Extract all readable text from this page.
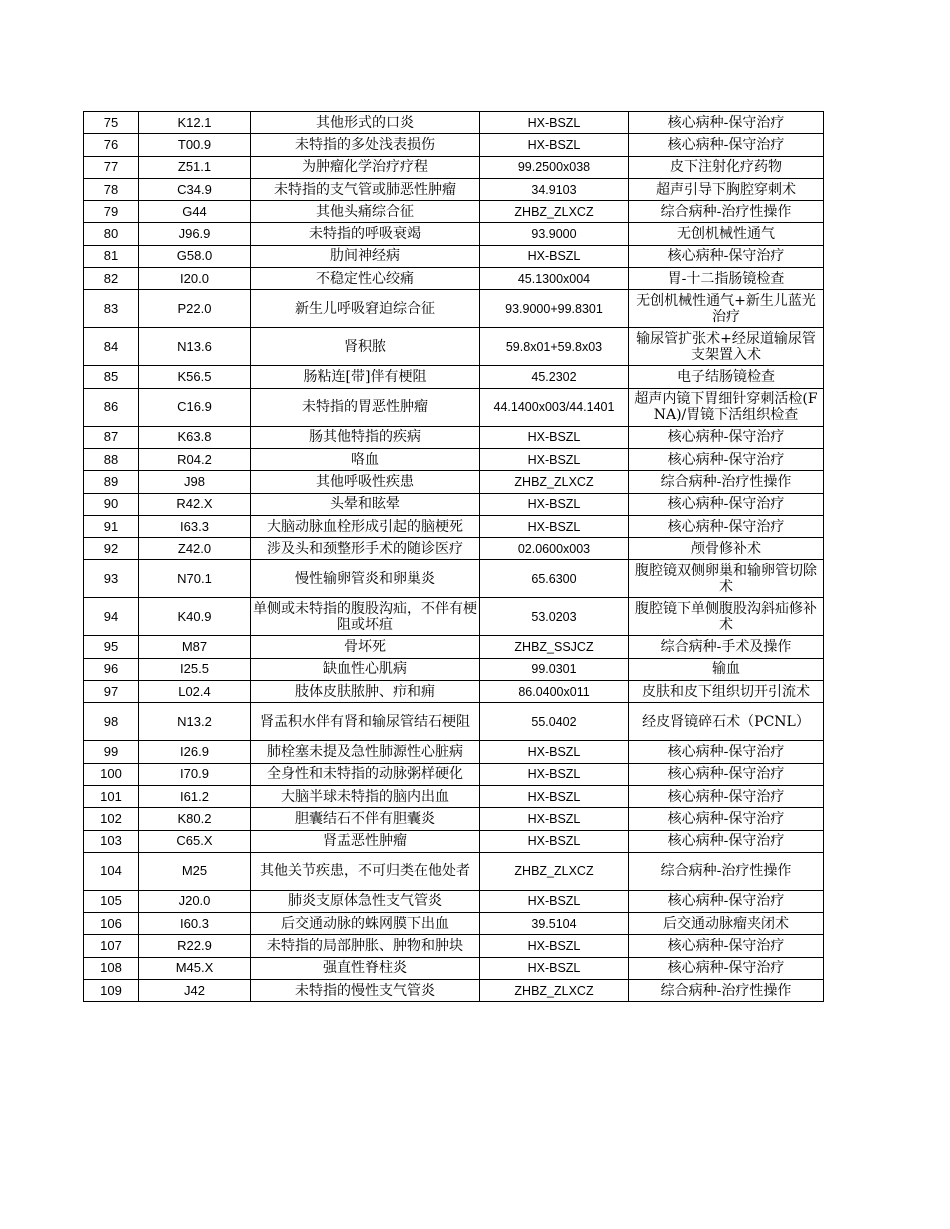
75	K12.1	其他形式的口炎	HX-BSZL	核心病种-保守治疗
76	T00.9	未特指的多处浅表损伤	HX-BSZL	核心病种-保守治疗
77	Z51.1	为肿瘤化学治疗疗程	99.2500x038	皮下注射化疗药物
78	C34.9	未特指的支气管或肺恶性肿瘤	34.9103	超声引导下胸腔穿刺术
79	G44	其他头痛综合征	ZHBZ_ZLXCZ	综合病种-治疗性操作
80	J96.9	未特指的呼吸衰竭	93.9000	无创机械性通气
81	G58.0	肋间神经病	HX-BSZL	核心病种-保守治疗
82	I20.0	不稳定性心绞痛	45.1300x004	胃-十二指肠镜检查
83	P22.0	新生儿呼吸窘迫综合征	93.9000+99.8301	无创机械性通气+新生儿蓝光治疗
84	N13.6	肾积脓	59.8x01+59.8x03	输尿管扩张术+经尿道输尿管支架置入术
85	K56.5	肠粘连[带]伴有梗阻	45.2302	电子结肠镜检查
86	C16.9	未特指的胃恶性肿瘤	44.1400x003/44.1401	超声内镜下胃细针穿刺活检(FNA)/胃镜下活组织检查
87	K63.8	肠其他特指的疾病	HX-BSZL	核心病种-保守治疗
88	R04.2	咯血	HX-BSZL	核心病种-保守治疗
89	J98	其他呼吸性疾患	ZHBZ_ZLXCZ	综合病种-治疗性操作
90	R42.X	头晕和眩晕	HX-BSZL	核心病种-保守治疗
91	I63.3	大脑动脉血栓形成引起的脑梗死	HX-BSZL	核心病种-保守治疗
92	Z42.0	涉及头和颈整形手术的随诊医疗	02.0600x003	颅骨修补术
93	N70.1	慢性输卵管炎和卵巢炎	65.6300	腹腔镜双侧卵巢和输卵管切除术
94	K40.9	单侧或未特指的腹股沟疝，不伴有梗阻或坏疽	53.0203	腹腔镜下单侧腹股沟斜疝修补术
95	M87	骨坏死	ZHBZ_SSJCZ	综合病种-手术及操作
96	I25.5	缺血性心肌病	99.0301	输血
97	L02.4	肢体皮肤脓肿、疖和痈	86.0400x011	皮肤和皮下组织切开引流术
98	N13.2	肾盂积水伴有肾和输尿管结石梗阻	55.0402	经皮肾镜碎石术（PCNL）
99	I26.9	肺栓塞未提及急性肺源性心脏病	HX-BSZL	核心病种-保守治疗
100	I70.9	全身性和未特指的动脉粥样硬化	HX-BSZL	核心病种-保守治疗
101	I61.2	大脑半球未特指的脑内出血	HX-BSZL	核心病种-保守治疗
102	K80.2	胆囊结石不伴有胆囊炎	HX-BSZL	核心病种-保守治疗
103	C65.X	肾盂恶性肿瘤	HX-BSZL	核心病种-保守治疗
104	M25	其他关节疾患，不可归类在他处者	ZHBZ_ZLXCZ	综合病种-治疗性操作
105	J20.0	肺炎支原体急性支气管炎	HX-BSZL	核心病种-保守治疗
106	I60.3	后交通动脉的蛛网膜下出血	39.5104	后交通动脉瘤夹闭术
107	R22.9	未特指的局部肿胀、肿物和肿块	HX-BSZL	核心病种-保守治疗
108	M45.X	强直性脊柱炎	HX-BSZL	核心病种-保守治疗
109	J42	未特指的慢性支气管炎	ZHBZ_ZLXCZ	综合病种-治疗性操作
